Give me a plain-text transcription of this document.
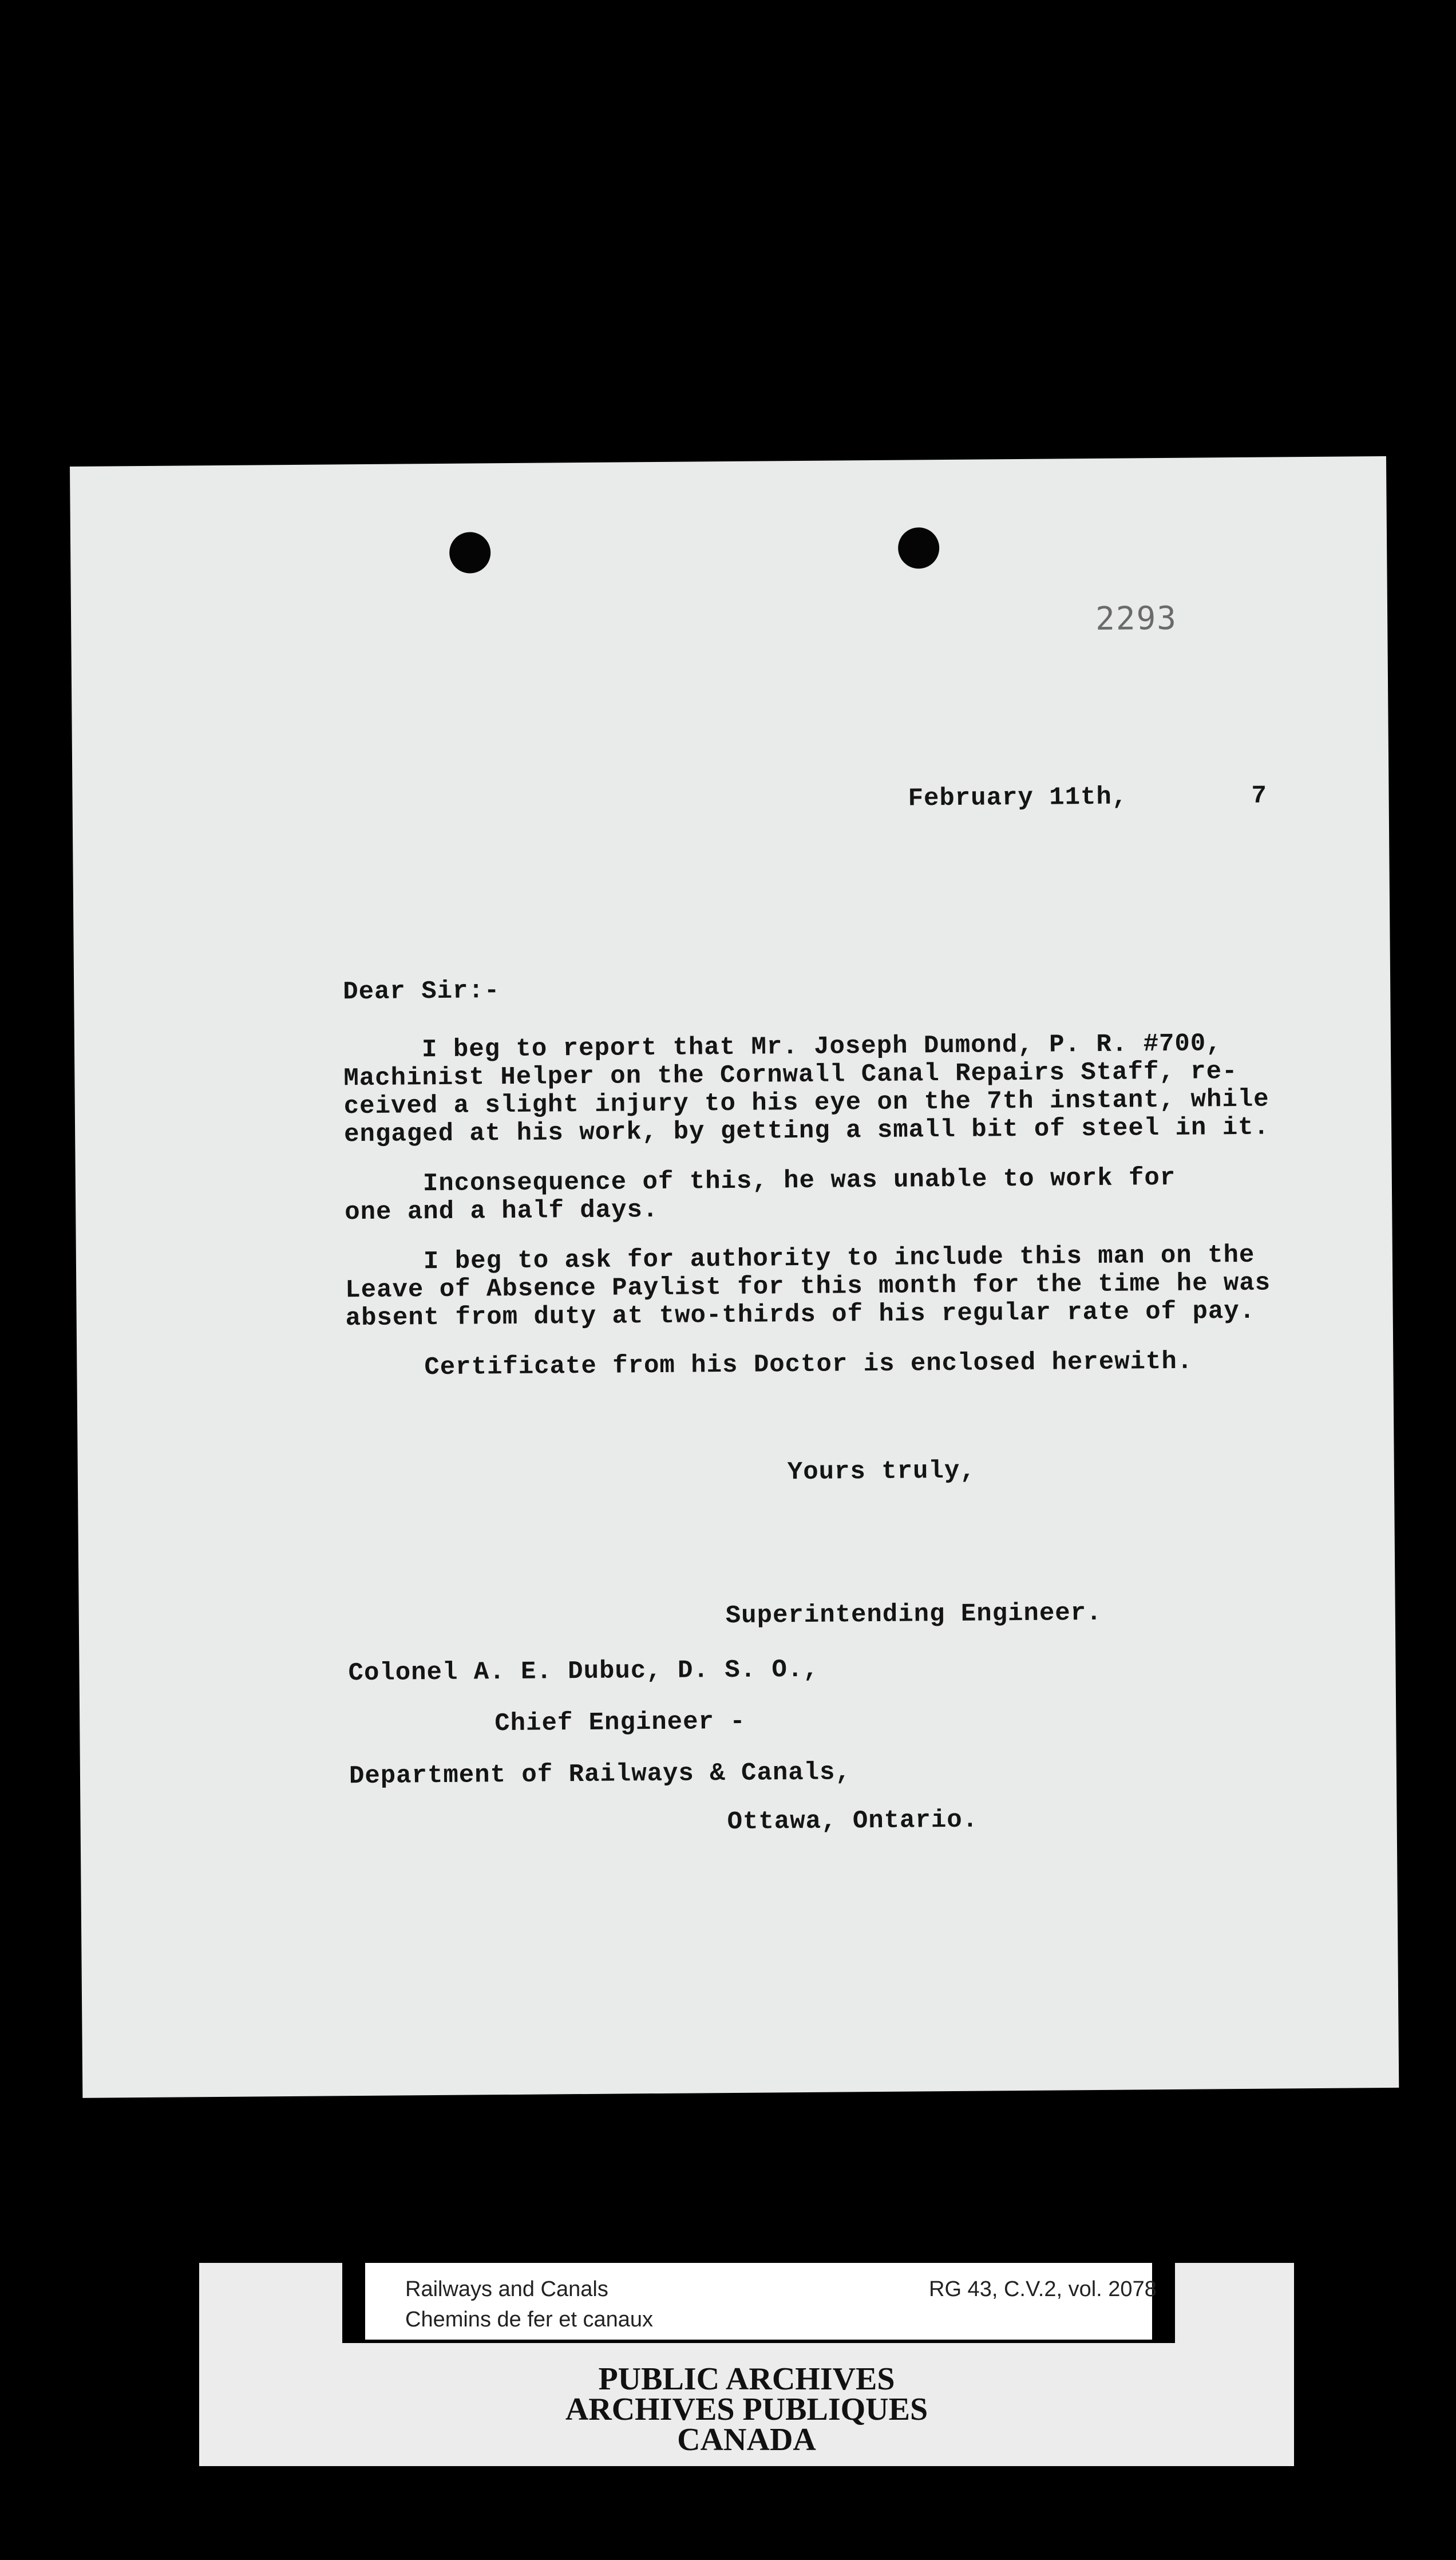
2293
February 11th,	7
Dear Sir:-
I beg to report that Mr. Joseph Dumond, P. R. #700,
Machinist Helper on the Cornwall Canal Repairs Staff, re-
ceived a slight injury to his eye on the 7th instant, while
engaged at his work, by getting a small bit of steel in it.
Inconsequence of this, he was unable to work for
one and a half days.
I beg to ask for authority to include this man on the
Leave of Absence Paylist for this month for the time he was
absent from duty at two-thirds of his regular rate of pay.
Certificate from his Doctor is enclosed herewith.
Yours truly,
Superintending Engineer.
Colonel A. E. Dubuc, D. S. O.,
Chief Engineer -
Department of Railways & Canals,
Ottawa, Ontario.
Railways and Canals
Chemins de fer et canaux
RG 43, C.V.2, vol. 2078
PUBLIC ARCHIVES
ARCHIVES PUBLIQUES
CANADA
